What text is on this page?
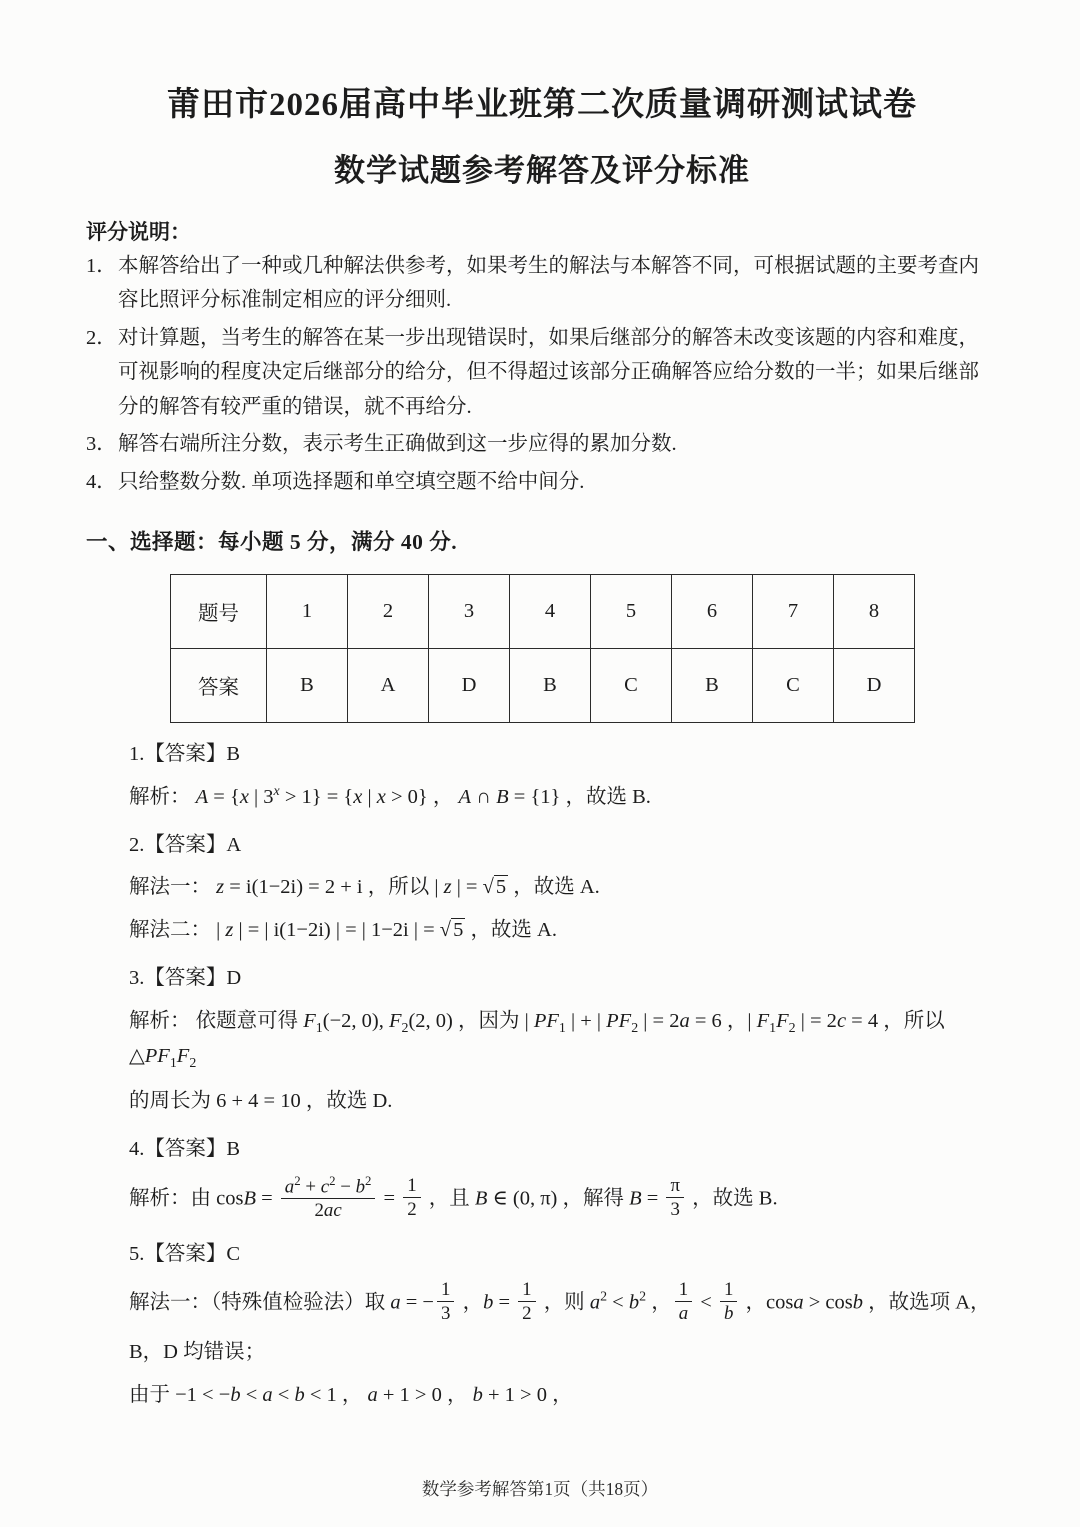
莆田市2026届高中毕业班第二次质量调研测试试卷
数学试题参考解答及评分标准
评分说明：
1． 本解答给出了一种或几种解法供参考，如果考生的解法与本解答不同，可根据试题的主要考查内容比照评分标准制定相应的评分细则.
2． 对计算题，当考生的解答在某一步出现错误时，如果后继部分的解答未改变该题的内容和难度，可视影响的程度决定后继部分的给分，但不得超过该部分正确解答应给分数的一半；如果后继部分的解答有较严重的错误，就不再给分.
3． 解答右端所注分数，表示考生正确做到这一步应得的累加分数.
4． 只给整数分数. 单项选择题和单空填空题不给中间分.
一、选择题：每小题 5 分，满分 40 分.
题号	1	2	3	4	5	6	7	8
答案	B	A	D	B	C	B	C	D
1.【答案】B
解析： A = {x | $3^x > 1\} = \{x$ | x > 0} ， A ∩ B = {1} ，故选 B.
2.【答案】A
解法一： z = i(1−2i) = 2 + i ，所以 | z | = √ 5 ，故选 A.
解法二： | z | = | i(1−2i) | = | 1−2i | = √ 5 ，故选 A.
3.【答案】D
解析： 依题意可得 $F_1(-2$, 0), $F_2(2$, 0) ，因为 | $PF_1$ | + | $PF_2$ | = 2a = 6 ，| $F_1F_2$ | = 2c = 4 ，所以 $\triangle PF_1F_2$
的周长为 6 + 4 = 10 ，故选 D.
4.【答案】B
解析：由 $\cos B = \frac{a^2 + c^2 - b^2}{2ac} = \frac{1}{2}$ ，且 B ∈ (0, π) ，解得 $B = \frac{\pi}{3}$ ，故选 B.
5.【答案】C
解法一：（特殊值检验法）取 a = − $\frac{1}{3}$ ，$b = \frac{1}{2}$ ，则 $a^2 < b^2$ ， $\frac{1}{a} < \frac{1}{b}$ ，cosa > cosb ，故选项 A，
B，D 均错误；
由于 −1 < −b < a < b < 1 ， a + 1 > 0 ， b + 1 > 0 ，
数学参考解答第1页（共18页）
